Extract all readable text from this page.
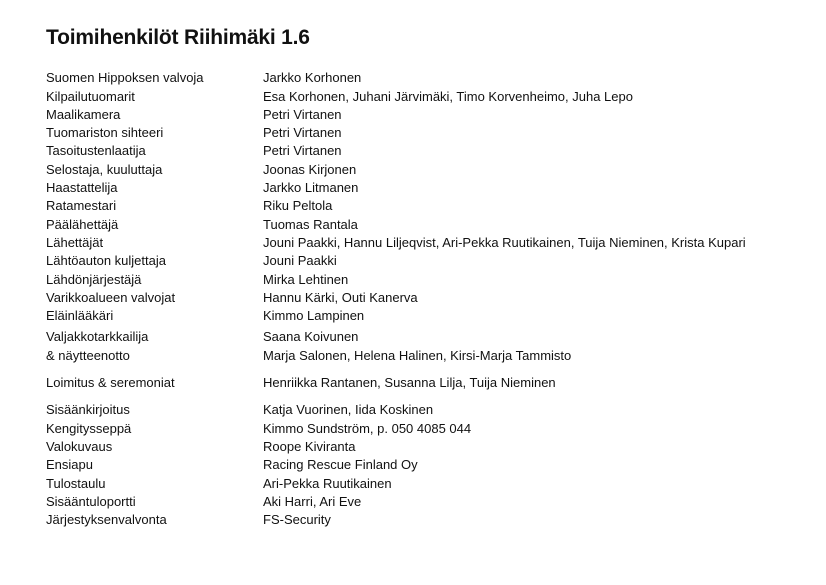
Toimihenkilöt Riihimäki 1.6
Suomen Hippoksen valvoja	Jarkko Korhonen
Kilpailutuomarit	Esa Korhonen, Juhani Järvimäki, Timo Korvenheimo, Juha Lepo
Maalikamera	Petri Virtanen
Tuomariston sihteeri	Petri Virtanen
Tasoitustenlaatija	Petri Virtanen
Selostaja, kuuluttaja	Joonas Kirjonen
Haastattelija	Jarkko Litmanen
Ratamestari	Riku Peltola
Päälähettäjä	Tuomas Rantala
Lähettäjät	Jouni Paakki, Hannu Liljeqvist, Ari-Pekka Ruutikainen, Tuija Nieminen, Krista Kupari
Lähtöauton kuljettaja	Jouni Paakki
Lähdönjärjestäjä	Mirka Lehtinen
Varikkoalueen valvojat	Hannu Kärki, Outi Kanerva
Eläinlääkäri	Kimmo Lampinen
Valjakkotarkkailija	Saana Koivunen
& näytteenotto	Marja Salonen, Helena Halinen, Kirsi-Marja Tammisto
Loimitus & seremoniat	Henriikka Rantanen, Susanna Lilja, Tuija Nieminen
Sisäänkirjoitus	Katja Vuorinen, Iida Koskinen
Kengitysseppä	Kimmo Sundström, p. 050 4085 044
Valokuvaus	Roope Kiviranta
Ensiapu	Racing Rescue Finland Oy
Tulostaulu	Ari-Pekka Ruutikainen
Sisääntuloportti	Aki Harri, Ari Eve
Järjestyksenvalvonta	FS-Security
